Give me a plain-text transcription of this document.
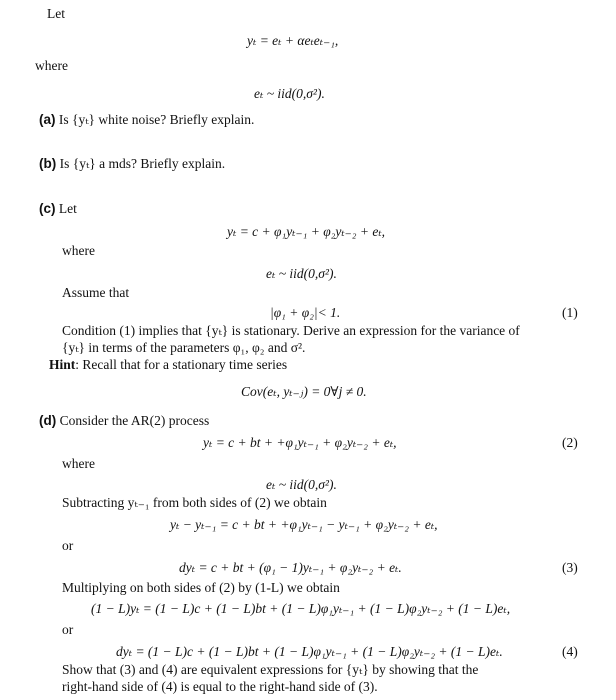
Let
yₜ = eₜ + αeₜeₜ₋₁,
where
eₜ ~ iid(0,σ²).
(a) Is {yₜ} white noise? Briefly explain.
(b) Is {yₜ} a mds? Briefly explain.
(c) Let
yₜ = c + φ₁yₜ₋₁ + φ₂yₜ₋₂ + eₜ,
where
eₜ ~ iid(0,σ²).
Assume that
|φ₁ + φ₂|< 1.	(1)
Condition (1) implies that {yₜ} is stationary. Derive an expression for the variance of
{yₜ} in terms of the parameters φ₁, φ₂ and σ².
Hint: Recall that for a stationary time series
Cov(eₜ, yₜ₋ⱼ) = 0∀j ≠ 0.
(d) Consider the AR(2) process
yₜ = c + bt + +φ₁yₜ₋₁ + φ₂yₜ₋₂ + eₜ,	(2)
where
eₜ ~ iid(0,σ²).
Subtracting yₜ₋₁ from both sides of (2) we obtain
yₜ − yₜ₋₁ = c + bt + +φ₁yₜ₋₁ − yₜ₋₁ + φ₂yₜ₋₂ + eₜ,
or
dyₜ = c + bt + (φ₁ − 1)yₜ₋₁ + φ₂yₜ₋₂ + eₜ.	(3)
Multiplying on both sides of (2) by (1-L) we obtain
(1 − L)yₜ = (1 − L)c + (1 − L)bt + (1 − L)φ₁yₜ₋₁ + (1 − L)φ₂yₜ₋₂ + (1 − L)eₜ,
or
dyₜ = (1 − L)c + (1 − L)bt + (1 − L)φ₁yₜ₋₁ + (1 − L)φ₂yₜ₋₂ + (1 − L)eₜ.	(4)
Show that (3) and (4) are equivalent expressions for {yₜ} by showing that the
right-hand side of (4) is equal to the right-hand side of (3).
